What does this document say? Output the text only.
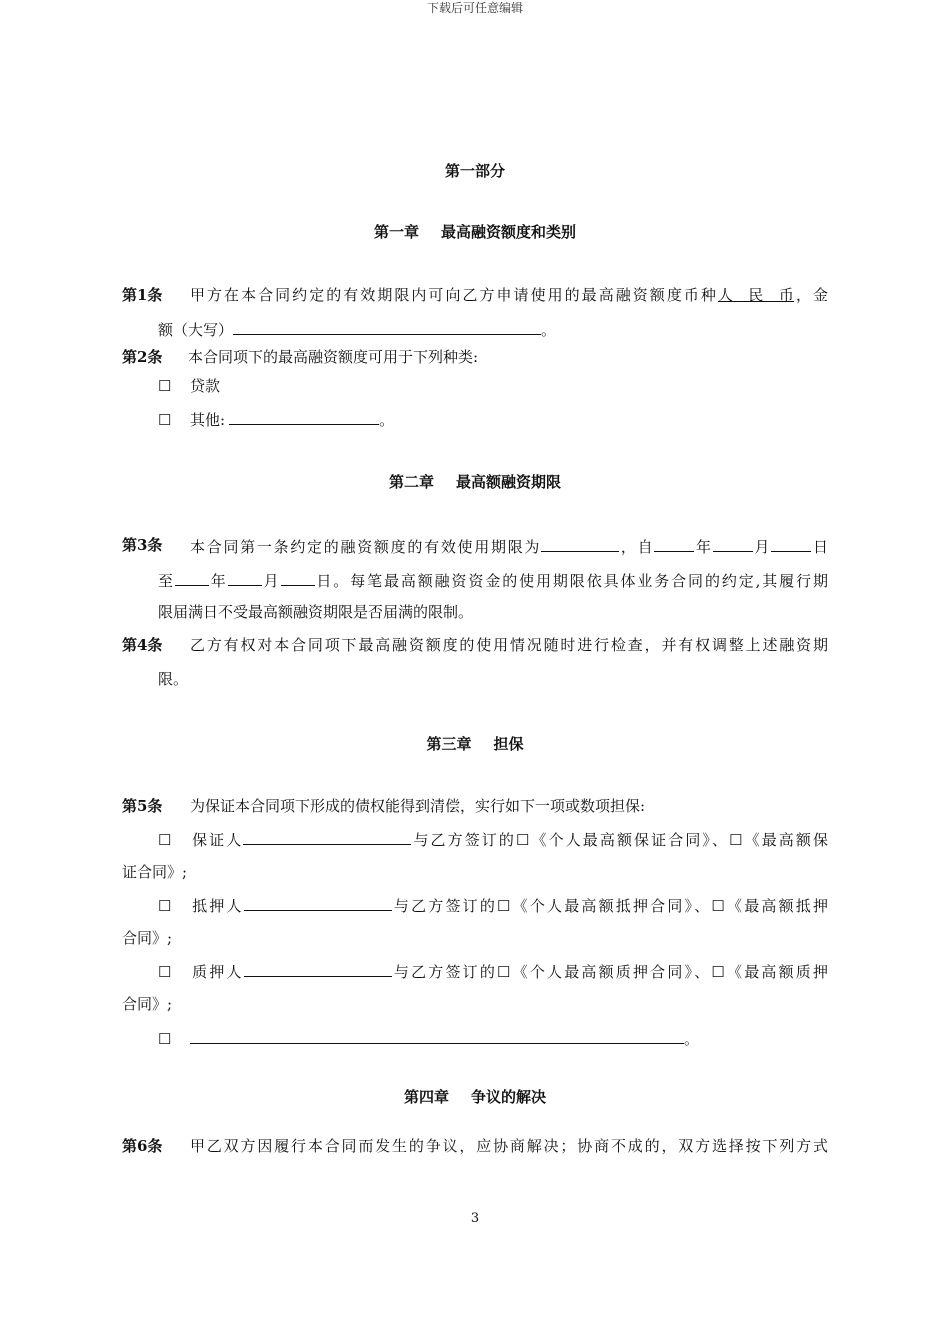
下载后可任意编辑
第一部分
第一章 最高融资额度和类别
第1条 甲方在本合同约定的有效期限内可向乙方申请使用的最高融资额度币种人民币，金
额（大写）	。
第2条 本合同项下的最高融资额度可用于下列种类:
☐ 贷款
☐ 其他:	。
第二章 最高额融资期限
第3条 本合同第一条约定的融资额度的有效使用期限为	，自	年	月	日
至 年 月 日。每笔最高额融资资金的使用期限依具体业务合同的约定,其履行期
限届满日不受最高额融资期限是否届满的限制。
第4条 乙方有权对本合同项下最高融资额度的使用情况随时进行检查，并有权调整上述融资期
限。
第三章 担保
第5条 为保证本合同项下形成的债权能得到清偿，实行如下一项或数项担保:
☐ 保证人	与乙方签订的☐《个人最高额保证合同》、☐《最高额保
证合同》;
☐ 抵押人	与乙方签订的☐《个人最高额抵押合同》、☐《最高额抵押
合同》;
☐ 质押人	与乙方签订的☐《个人最高额质押合同》、☐《最高额质押
合同》;
☐	。
第四章 争议的解决
第6条 甲乙双方因履行本合同而发生的争议，应协商解决；协商不成的，双方选择按下列方式
3
